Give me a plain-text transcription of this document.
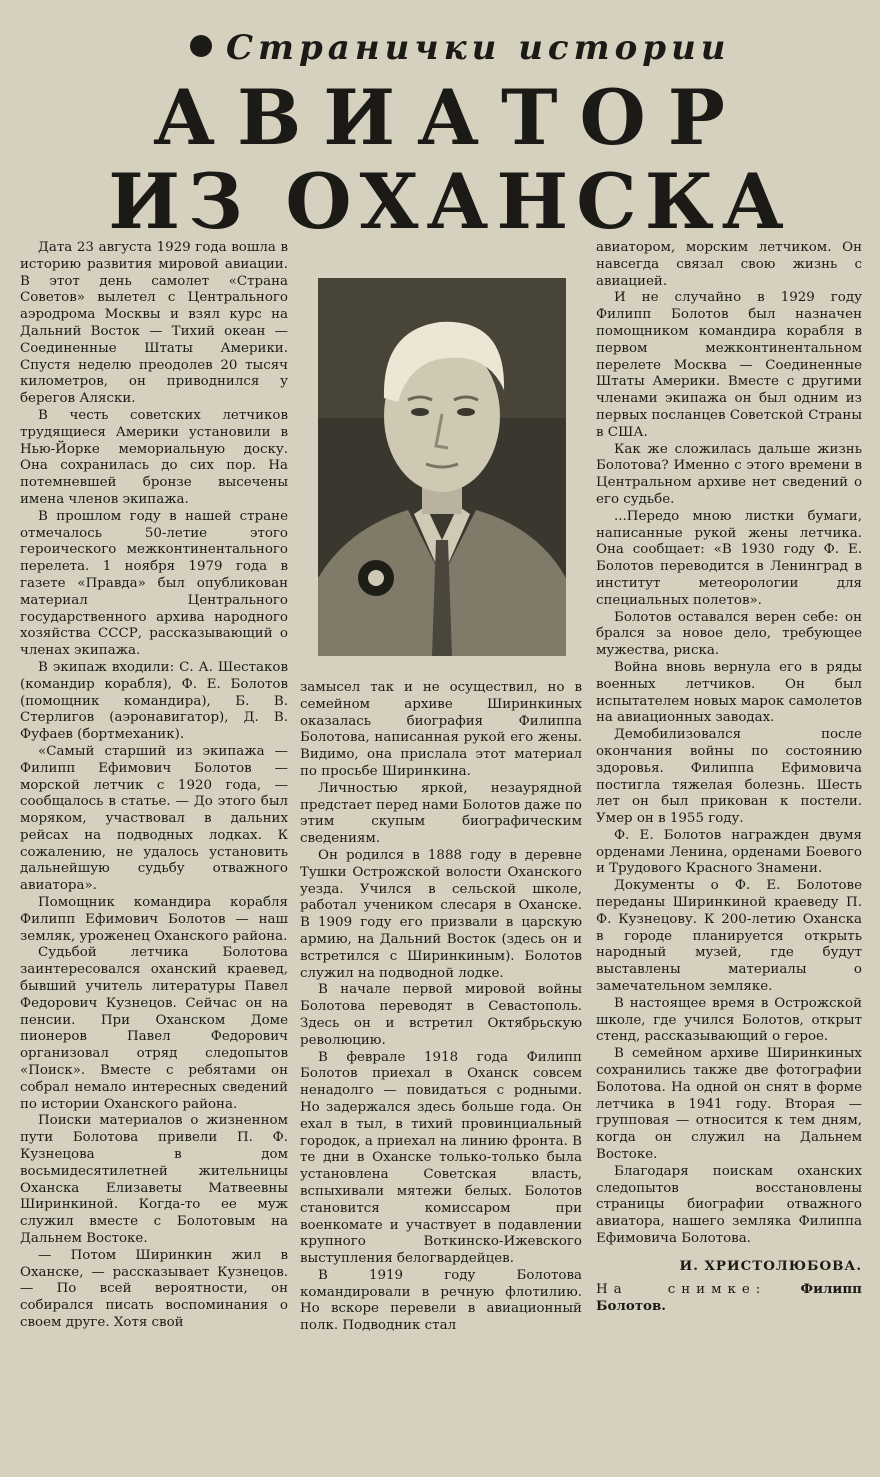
Странички истории
АВИАТОР
ИЗ ОХАНСКА

Дата 23 августа 1929 года вошла в историю развития мировой авиации. В этот день самолет «Страна Советов» вылетел с Центрального аэродрома Москвы и взял курс на Дальний Восток — Тихий океан — Соединенные Штаты Америки. Спустя неделю преодолев 20 тысяч километров, он приводнился у берегов Аляски.

В честь советских летчиков трудящиеся Америки установили в Нью-Йорке мемориальную доску. Она сохранилась до сих пор. На потемневшей бронзе высечены имена членов экипажа.

В прошлом году в нашей стране отмечалось 50-летие этого героического межконтинентального перелета. 1 ноября 1979 года в газете «Правда» был опубликован материал Центрального государственного архива народного хозяйства СССР, рассказывающий о членах экипажа.

В экипаж входили: С. А. Шестаков (командир корабля), Ф. Е. Болотов (помощник командира), Б. В. Стерлигов (аэронавигатор), Д. В. Фуфаев (бортмеханик).

«Самый старший из экипажа — Филипп Ефимович Болотов — морской летчик с 1920 года, — сообщалось в статье. — До этого был моряком, участвовал в дальних рейсах на подводных лодках. К сожалению, не удалось установить дальнейшую судьбу отважного авиатора».

Помощник командира корабля Филипп Ефимович Болотов — наш земляк, уроженец Оханского района.

Судьбой летчика Болотова заинтересовался оханский краевед, бывший учитель литературы Павел Федорович Кузнецов. Сейчас он на пенсии. При Оханском Доме пионеров Павел Федорович организовал отряд следопытов «Поиск». Вместе с ребятами он собрал немало интересных сведений по истории Оханского района.

Поиски материалов о жизненном пути Болотова привели П. Ф. Кузнецова в дом восьмидесятилетней жительницы Оханска Елизаветы Матвеевны Ширинкиной. Когда-то ее муж служил вместе с Болотовым на Дальнем Востоке.

— Потом Ширинкин жил в Оханске, — рассказывает Кузнецов. — По всей вероятности, он собирался писать воспоминания о своем друге. Хотя свой

замысел так и не осуществил, но в семейном архиве Ширинкиных оказалась биография Филиппа Болотова, написанная рукой его жены. Видимо, она прислала этот материал по просьбе Ширинкина.

Личностью яркой, незаурядной предстает перед нами Болотов даже по этим скупым биографическим сведениям.

Он родился в 1888 году в деревне Тушки Острожской волости Оханского уезда. Учился в сельской школе, работал учеником слесаря в Оханске. В 1909 году его призвали в царскую армию, на Дальний Восток (здесь он и встретился с Ширинкиным). Болотов служил на подводной лодке.

В начале первой мировой войны Болотова переводят в Севастополь. Здесь он и встретил Октябрьскую революцию.

В феврале 1918 года Филипп Болотов приехал в Оханск совсем ненадолго — повидаться с родными. Но задержался здесь больше года. Он ехал в тыл, в тихий провинциальный городок, а приехал на линию фронта. В те дни в Оханске только-только была установлена Советская власть, вспыхивали мятежи белых. Болотов становится комиссаром при военкомате и участвует в подавлении крупного Воткинско-Ижевского выступления белогвардейцев.

В 1919 году Болотова командировали в речную флотилию. Но вскоре перевели в авиационный полк. Подводник стал

авиатором, морским летчиком. Он навсегда связал свою жизнь с авиацией.

И не случайно в 1929 году Филипп Болотов был назначен помощником командира корабля в первом межконтинентальном перелете Москва — Соединенные Штаты Америки. Вместе с другими членами экипажа он был одним из первых посланцев Советской Страны в США.

Как же сложилась дальше жизнь Болотова? Именно с этого времени в Центральном архиве нет сведений о его судьбе.

...Передо мною листки бумаги, написанные рукой жены летчика. Она сообщает: «В 1930 году Ф. Е. Болотов переводится в Ленинград в институт метеорологии для специальных полетов».

Болотов оставался верен себе: он брался за новое дело, требующее мужества, риска.

Война вновь вернула его в ряды военных летчиков. Он был испытателем новых марок самолетов на авиационных заводах.

Демобилизовался после окончания войны по состоянию здоровья. Филиппа Ефимовича постигла тяжелая болезнь. Шесть лет он был прикован к постели. Умер он в 1955 году.

Ф. Е. Болотов награжден двумя орденами Ленина, орденами Боевого и Трудового Красного Знамени.

Документы о Ф. Е. Болотове переданы Ширинкиной краеведу П. Ф. Кузнецову. К 200-летию Оханска в городе планируется открыть народный музей, где будут выставлены материалы о замечательном земляке.

В настоящее время в Острожской школе, где учился Болотов, открыт стенд, рассказывающий о герое.

В семейном архиве Ширинкиных сохранились также две фотографии Болотова. На одной он снят в форме летчика в 1941 году. Вторая — групповая — относится к тем дням, когда он служил на Дальнем Востоке.

Благодаря поискам оханских следопытов восстановлены страницы биографии отважного авиатора, нашего земляка Филиппа Ефимовича Болотова.

И. ХРИСТОЛЮБОВА.
На снимке:	Филипп Болотов.
